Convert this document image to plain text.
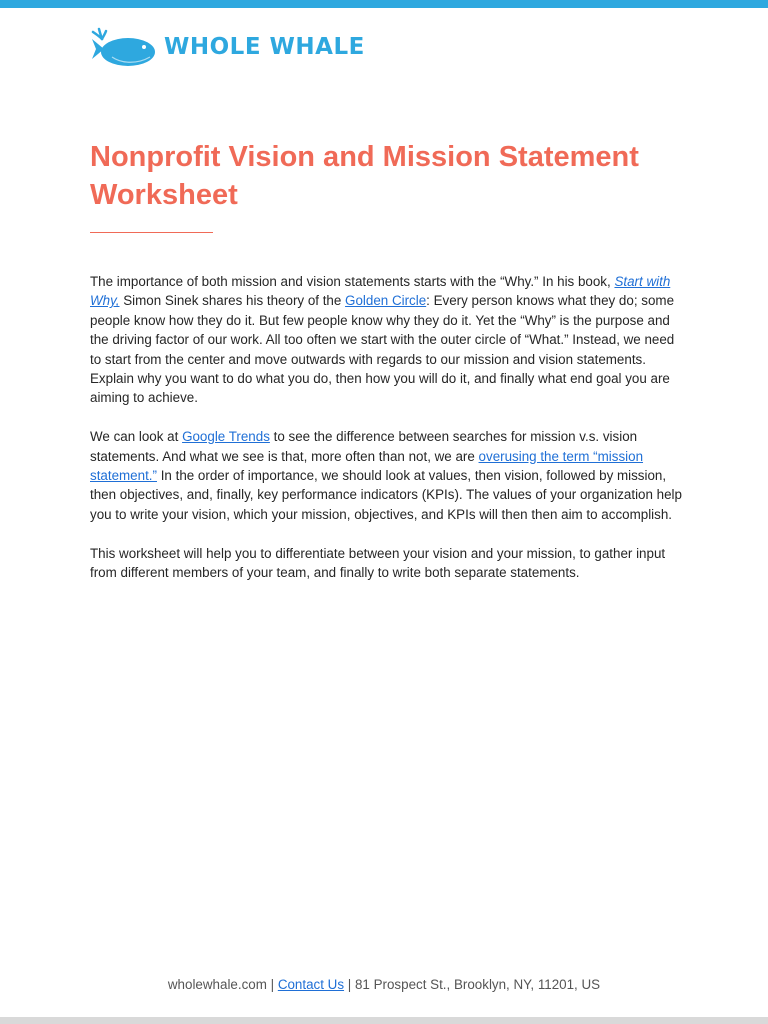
WHOLE WHALE
Nonprofit Vision and Mission Statement Worksheet

The importance of both mission and vision statements starts with the “Why.” In his book, Start with Why, Simon Sinek shares his theory of the Golden Circle: Every person knows what they do; some people know how they do it. But few people know why they do it. Yet the “Why” is the purpose and the driving factor of our work. All too often we start with the outer circle of “What.” Instead, we need to start from the center and move outwards with regards to our mission and vision statements. Explain why you want to do what you do, then how you will do it, and finally what end goal you are aiming to achieve.

We can look at Google Trends to see the difference between searches for mission v.s. vision statements. And what we see is that, more often than not, we are overusing the term “mission statement.” In the order of importance, we should look at values, then vision, followed by mission, then objectives, and, finally, key performance indicators (KPIs). The values of your organization help you to write your vision, which your mission, objectives, and KPIs will then then aim to accomplish.

This worksheet will help you to differentiate between your vision and your mission, to gather input from different members of your team, and finally to write both separate statements.

wholewhale.com | Contact Us | 81 Prospect St., Brooklyn, NY, 11201, US
